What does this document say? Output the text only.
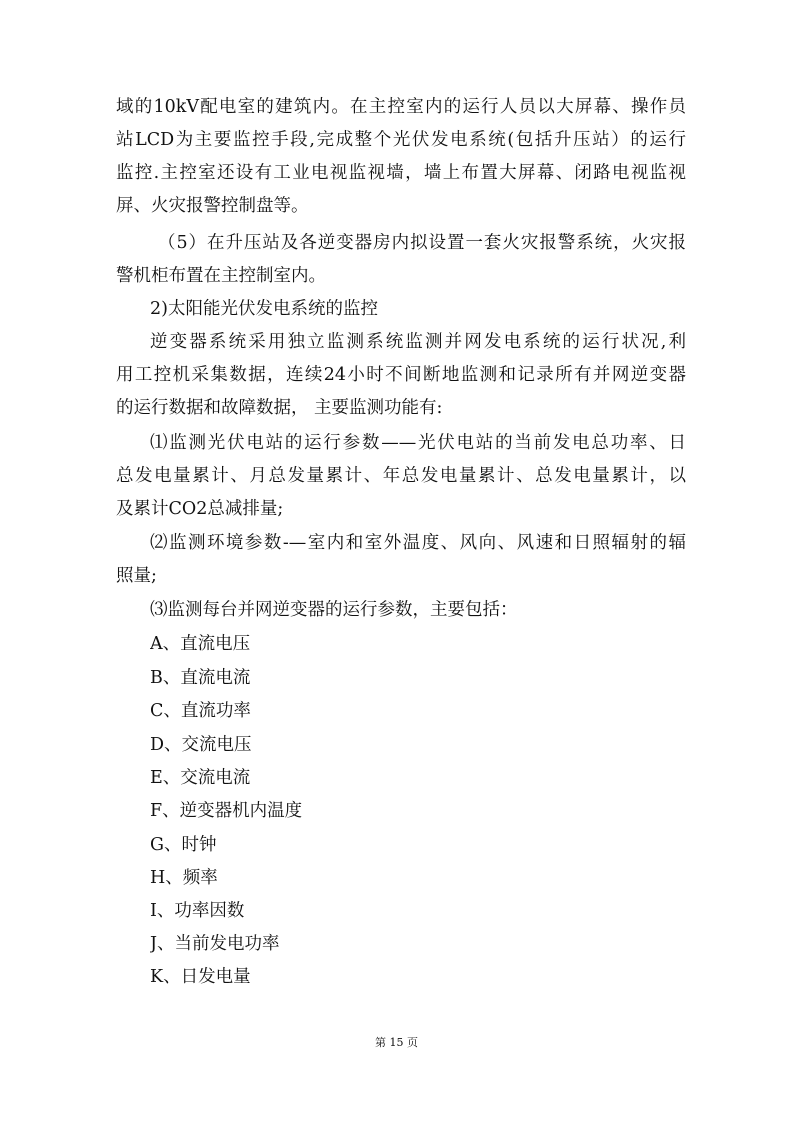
域的10kV配电室的建筑内。在主控室内的运行人员以大屏幕、操作员
站LCD为主要监控手段,完成整个光伏发电系统(包括升压站）的运行
监控.主控室还设有工业电视监视墙，墙上布置大屏幕、闭路电视监视
屏、火灾报警控制盘等。
（5）在升压站及各逆变器房内拟设置一套火灾报警系统，火灾报
警机柜布置在主控制室内。
2)太阳能光伏发电系统的监控
逆变器系统采用独立监测系统监测并网发电系统的运行状况,利
用工控机采集数据，连续24小时不间断地监测和记录所有并网逆变器
的运行数据和故障数据， 主要监测功能有:
⑴监测光伏电站的运行参数——光伏电站的当前发电总功率、日
总发电量累计、月总发量累计、年总发电量累计、总发电量累计，以
及累计CO2总减排量;
⑵监测环境参数-—室内和室外温度、风向、风速和日照辐射的辐
照量;
⑶监测每台并网逆变器的运行参数，主要包括：
A、直流电压
B、直流电流
C、直流功率
D、交流电压
E、交流电流
F、逆变器机内温度
G、时钟
H、频率
I、功率因数
J、当前发电功率
K、日发电量
第 15 页
